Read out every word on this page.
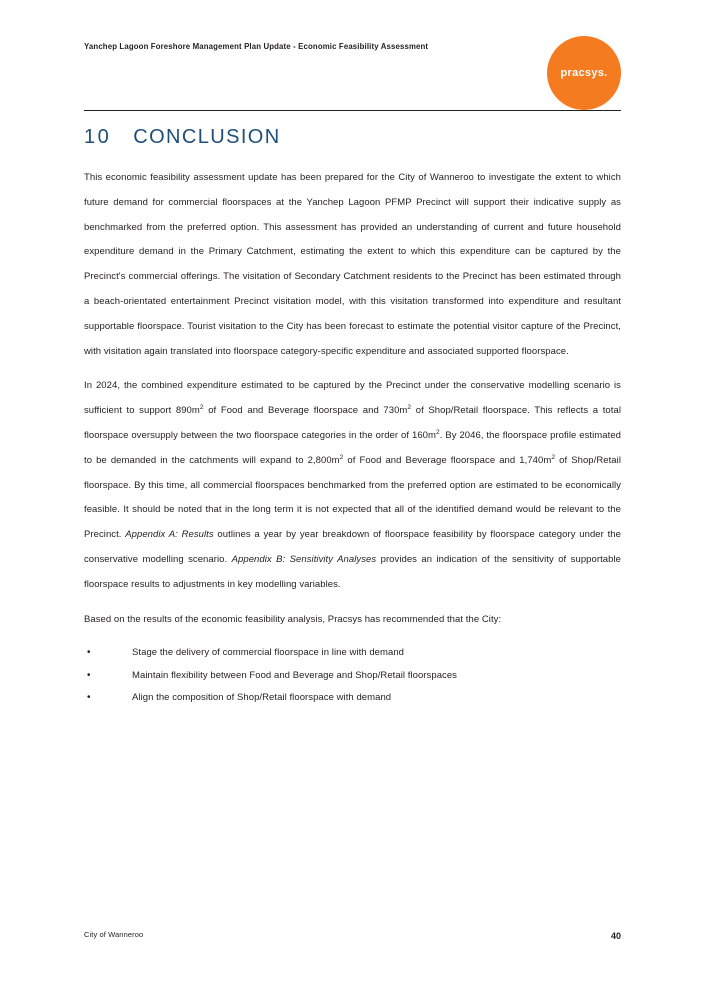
Yanchep Lagoon Foreshore Management Plan Update - Economic Feasibility Assessment
pracsys.
10 CONCLUSION

This economic feasibility assessment update has been prepared for the City of Wanneroo to investigate the extent to which future demand for commercial floorspaces at the Yanchep Lagoon PFMP Precinct will support their indicative supply as benchmarked from the preferred option. This assessment has provided an understanding of current and future household expenditure demand in the Primary Catchment, estimating the extent to which this expenditure can be captured by the Precinct's commercial offerings. The visitation of Secondary Catchment residents to the Precinct has been estimated through a beach-orientated entertainment Precinct visitation model, with this visitation transformed into expenditure and resultant supportable floorspace. Tourist visitation to the City has been forecast to estimate the potential visitor capture of the Precinct, with visitation again translated into floorspace category-specific expenditure and associated supported floorspace.

In 2024, the combined expenditure estimated to be captured by the Precinct under the conservative modelling scenario is sufficient to support $890m^2$ of Food and Beverage floorspace and $730m^2$ of Shop/Retail floorspace. This reflects a total floorspace oversupply between the two floorspace categories in the order of $160m^2$. By 2046, the floorspace profile estimated to be demanded in the catchments will expand to $2,800m^2$ of Food and Beverage floorspace and $1,740m^2$ of Shop/Retail floorspace. By this time, all commercial floorspaces benchmarked from the preferred option are estimated to be economically feasible. It should be noted that in the long term it is not expected that all of the identified demand would be relevant to the Precinct. Appendix A: Results outlines a year by year breakdown of floorspace feasibility by floorspace category under the conservative modelling scenario. Appendix B: Sensitivity Analyses provides an indication of the sensitivity of supportable floorspace results to adjustments in key modelling variables.

Based on the results of the economic feasibility analysis, Pracsys has recommended that the City:

•	Stage the delivery of commercial floorspace in line with demand
•	Maintain flexibility between Food and Beverage and Shop/Retail floorspaces
•	Align the composition of Shop/Retail floorspace with demand
City of Wanneroo	40
